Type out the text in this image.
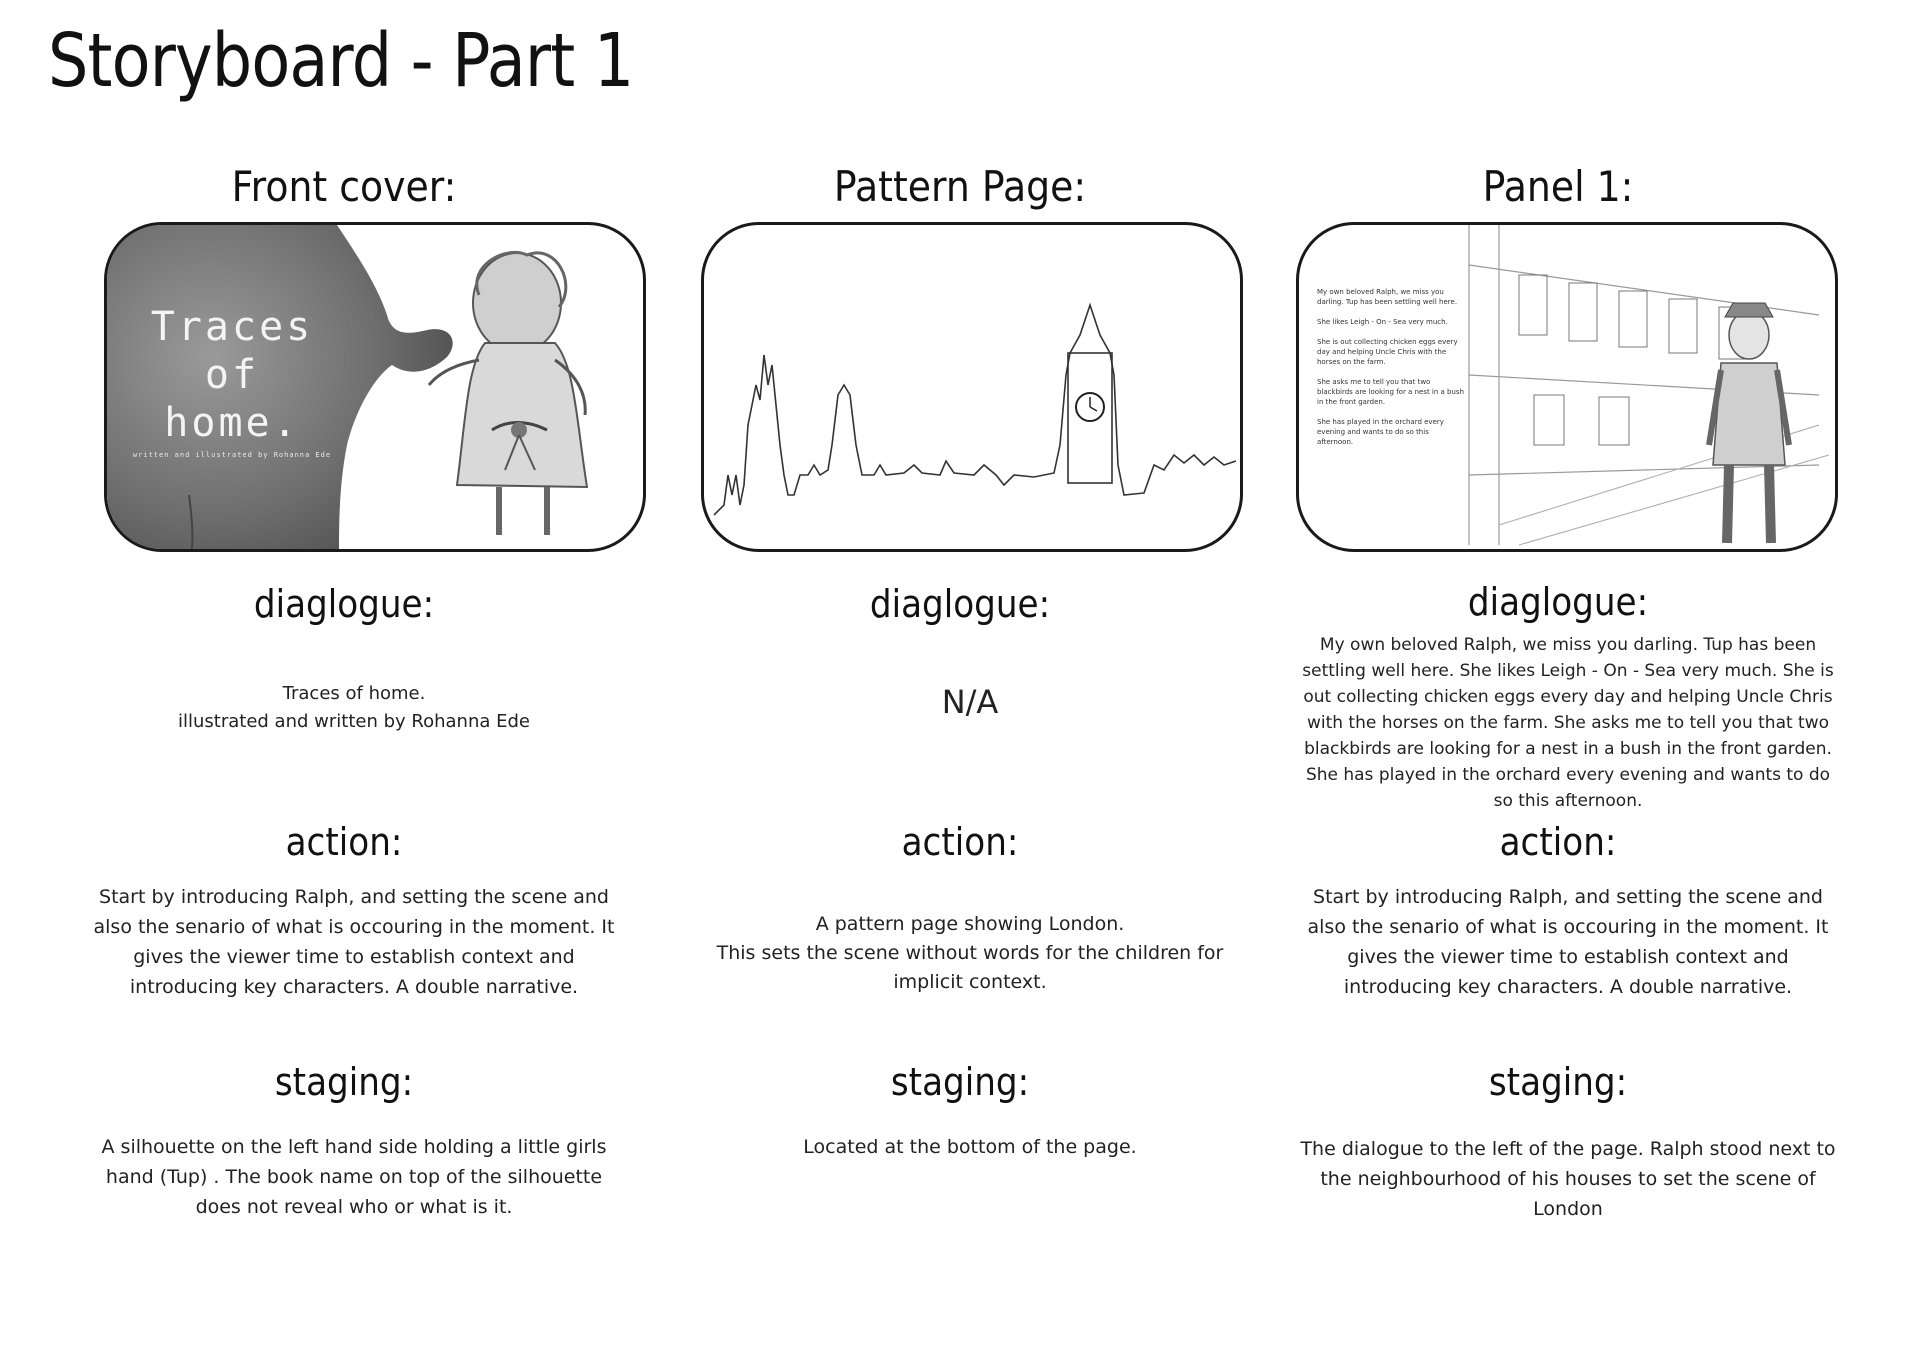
Storyboard - Part 1
Front cover:
Traces
of
home.
written and illustrated by Rohanna Ede
diaglogue:
Traces of home.
illustrated and written by Rohanna Ede
action:
Start by introducing Ralph, and setting the scene and also the senario of what is occouring in the moment. It gives the viewer time to establish context and introducing key characters. A double narrative.
staging:
A silhouette on the left hand side holding a little girls hand (Tup) . The book name on top of the silhouette does not reveal who or what is it.
Pattern Page:
diaglogue:
N/A
action:
A pattern page showing London.
This sets the scene without words for the children for implicit context.
staging:
Located at the bottom of the page.
Panel 1:

My own beloved Ralph, we miss you darling. Tup has been settling well here.

She likes Leigh - On - Sea very much.

She is out collecting chicken eggs every day and helping Uncle Chris with the horses on the farm.

She asks me to tell you that two blackbirds are looking for a nest in a bush in the front garden.

She has played in the orchard every evening and wants to do so this afternoon.

diaglogue:
My own beloved Ralph, we miss you darling. Tup has been settling well here. She likes Leigh - On - Sea very much. She is out collecting chicken eggs every day and helping Uncle Chris with the horses on the farm. She asks me to tell you that two blackbirds are looking for a nest in a bush in the front garden. She has played in the orchard every evening and wants to do so this afternoon.
action:
Start by introducing Ralph, and setting the scene and also the senario of what is occouring in the moment. It gives the viewer time to establish context and introducing key characters. A double narrative.
staging:
The dialogue to the left of the page. Ralph stood next to the neighbourhood of his houses to set the scene of London
